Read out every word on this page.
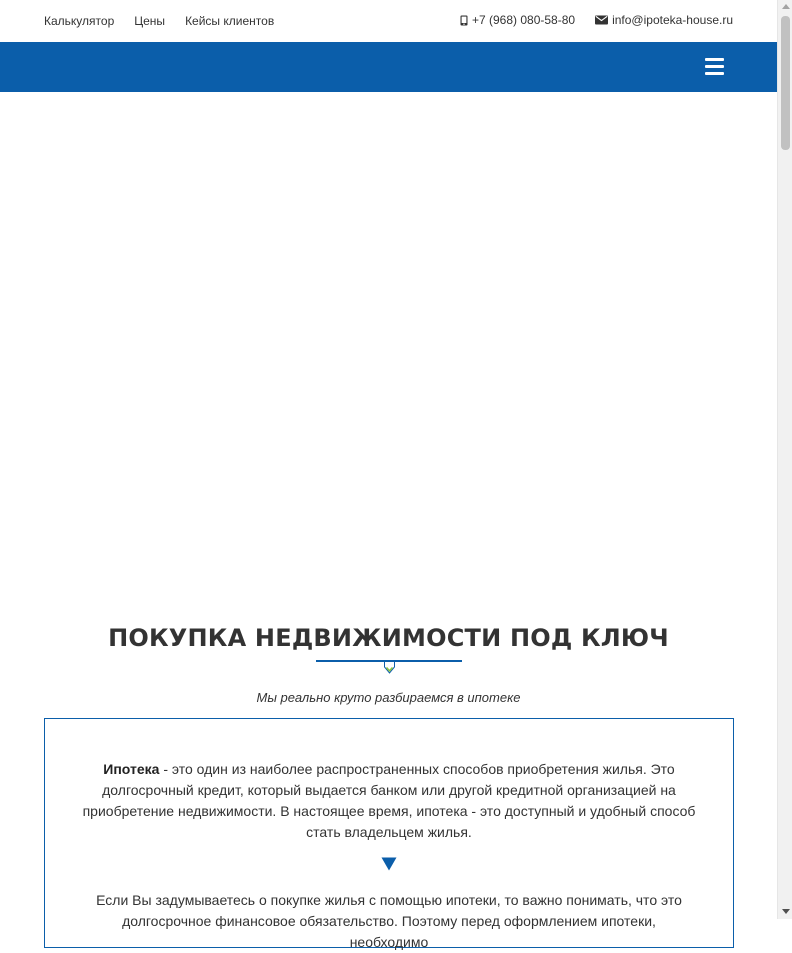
Калькулятор Цены Кейсы клиентов	+7 (968) 080-58-80	info@ipoteka-house.ru
ПОКУПКА НЕДВИЖИМОСТИ ПОД КЛЮЧ

Мы реально круто разбираемся в ипотеке

Ипотека - это один из наиболее распространенных способов приобретения жилья. Это долгосрочный кредит, который выдается банком или другой кредитной организацией на приобретение недвижимости. В настоящее время, ипотека - это доступный и удобный способ стать владельцем жилья.

Если Вы задумываетесь о покупке жилья с помощью ипотеки, то важно понимать, что это долгосрочное финансовое обязательство. Поэтому перед оформлением ипотеки, необходимо
